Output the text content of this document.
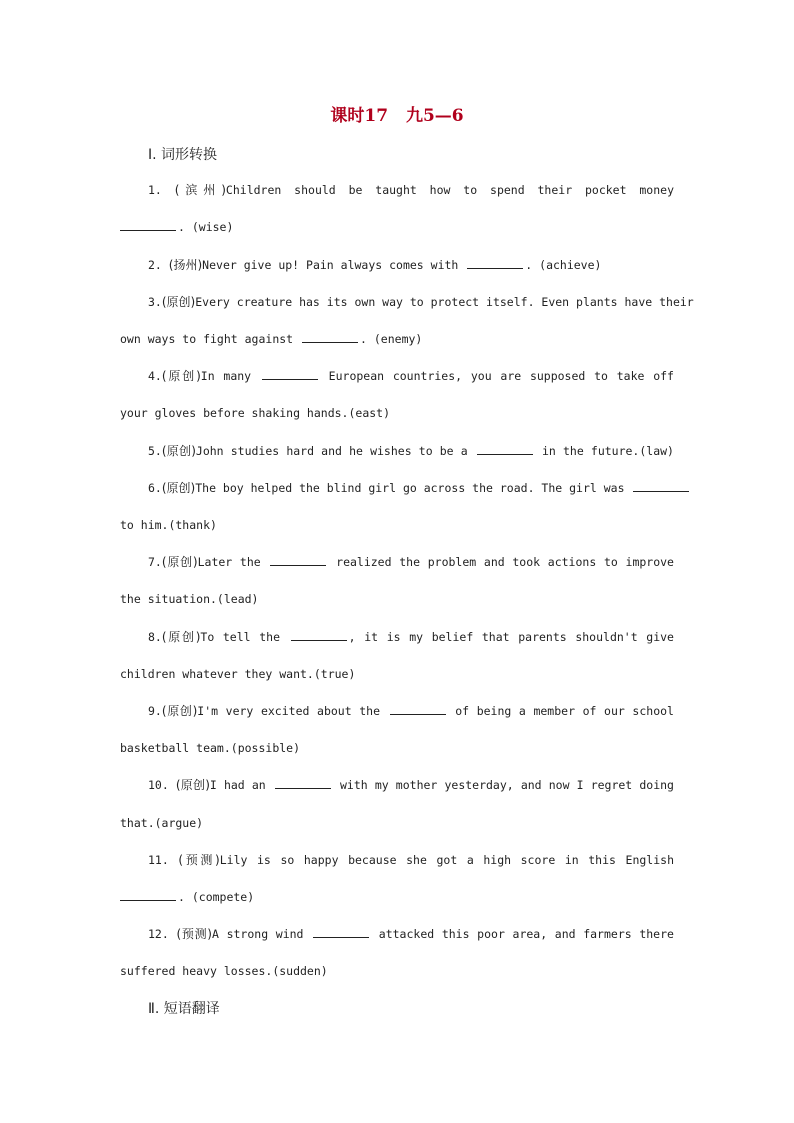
课时17 九5—6
Ⅰ. 词形转换
1. (滨州)Children should be taught how to spend their pocket money
. (wise)
2. (扬州)Never give up! Pain always comes with	. (achieve)
3.(原创)Every creature has its own way to protect itself. Even plants have their
own ways to fight against	. (enemy)
4.(原创)In many	European countries, you are supposed to take off
your gloves before shaking hands.(east)
5.(原创)John studies hard and he wishes to be a	in the future.(law)
6.(原创)The boy helped the blind girl go across the road. The girl was
to him.(thank)
7.(原创)Later the	realized the problem and took actions to improve
the situation.(lead)
8.(原创)To tell the	, it is my belief that parents shouldn't give
children whatever they want.(true)
9.(原创)I'm very excited about the	of being a member of our school
basketball team.(possible)
10. (原创)I had an	with my mother yesterday, and now I regret doing
that.(argue)
11. (预测)Lily is so happy because she got a high score in this English
. (compete)
12. (预测)A strong wind	attacked this poor area, and farmers there
suffered heavy losses.(sudden)
Ⅱ. 短语翻译
